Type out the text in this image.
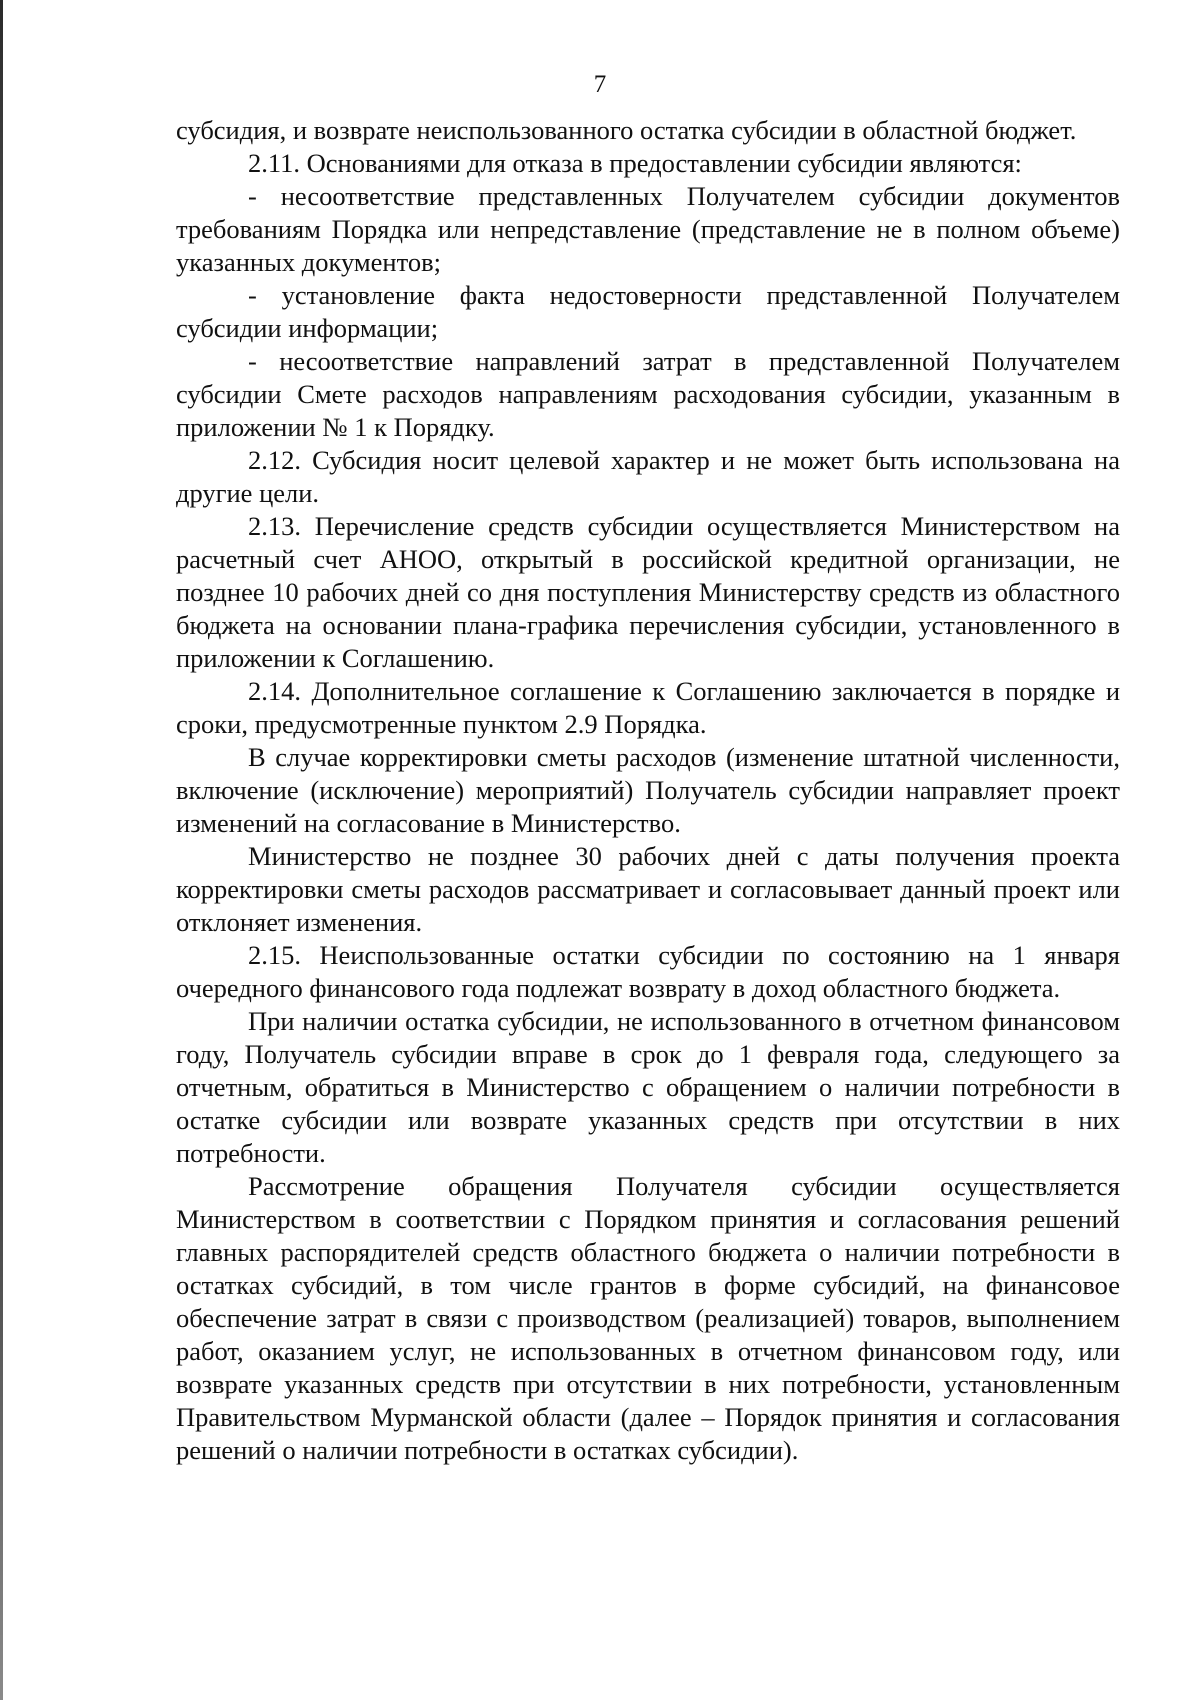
7

субсидия, и возврате неиспользованного остатка субсидии в областной бюджет.

2.11. Основаниями для отказа в предоставлении субсидии являются:

- несоответствие представленных Получателем субсидии документов требованиям Порядка или непредставление (представление не в полном объеме) указанных документов;

- установление факта недостоверности представленной Получателем субсидии информации;

- несоответствие направлений затрат в представленной Получателем субсидии Смете расходов направлениям расходования субсидии, указанным в приложении № 1 к Порядку.

2.12. Субсидия носит целевой характер и не может быть использована на другие цели.

2.13. Перечисление средств субсидии осуществляется Министерством на расчетный счет АНОО, открытый в российской кредитной организации, не позднее 10 рабочих дней со дня поступления Министерству средств из областного бюджета на основании плана-графика перечисления субсидии, установленного в приложении к Соглашению.

2.14. Дополнительное соглашение к Соглашению заключается в порядке и сроки, предусмотренные пунктом 2.9 Порядка.

В случае корректировки сметы расходов (изменение штатной численности, включение (исключение) мероприятий) Получатель субсидии направляет проект изменений на согласование в Министерство.

Министерство не позднее 30 рабочих дней с даты получения проекта корректировки сметы расходов рассматривает и согласовывает данный проект или отклоняет изменения.

2.15. Неиспользованные остатки субсидии по состоянию на 1 января очередного финансового года подлежат возврату в доход областного бюджета.

При наличии остатка субсидии, не использованного в отчетном финансовом году, Получатель субсидии вправе в срок до 1 февраля года, следующего за отчетным, обратиться в Министерство с обращением о наличии потребности в остатке субсидии или возврате указанных средств при отсутствии в них потребности.

Рассмотрение обращения Получателя субсидии осуществляется Министерством в соответствии с Порядком принятия и согласования решений главных распорядителей средств областного бюджета о наличии потребности в остатках субсидий, в том числе грантов в форме субсидий, на финансовое обеспечение затрат в связи с производством (реализацией) товаров, выполнением работ, оказанием услуг, не использованных в отчетном финансовом году, или возврате указанных средств при отсутствии в них потребности, установленным Правительством Мурманской области (далее – Порядок принятия и согласования решений о наличии потребности в остатках субсидии).
